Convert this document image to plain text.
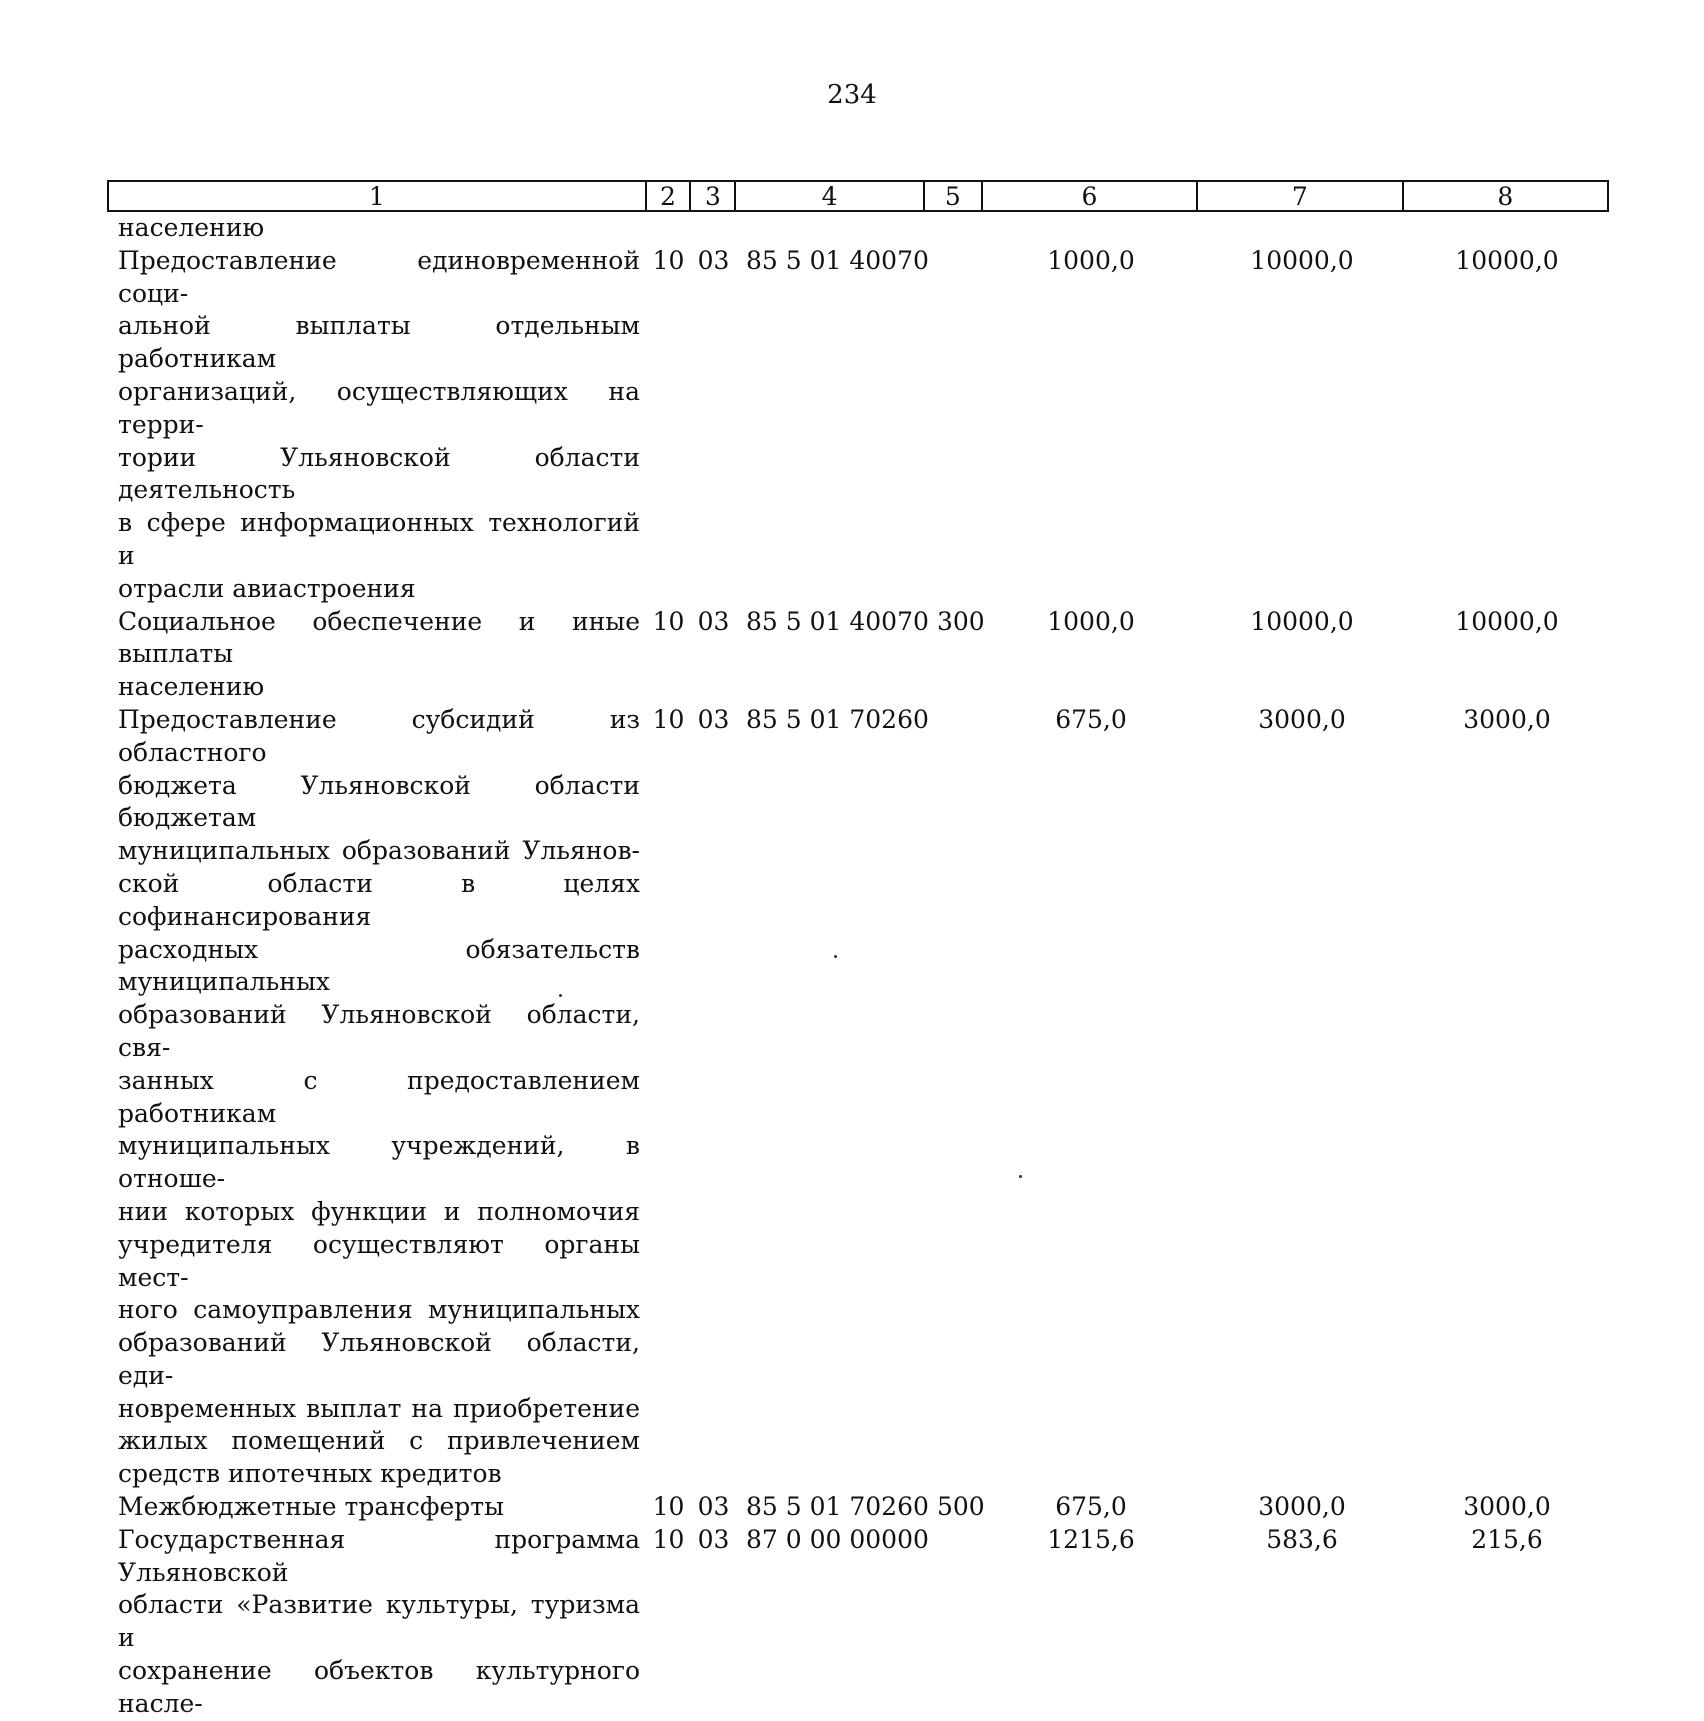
234
1	2	3	4	5	6	7	8
населению
Предоставление единовременной соци-
альной выплаты отдельным работникам
организаций, осуществляющих на терри-
тории Ульяновской области деятельность
в сфере информационных технологий и
отрасли авиастроения
10 03 85 5 01 40070	1000,0	10000,0	10000,0
Социальное обеспечение и иные выплаты
населению
10 03 85 5 01 40070 300	1000,0	10000,0	10000,0
Предоставление субсидий из областного
бюджета Ульяновской области бюджетам
муниципальных образований Ульянов-
ской области в целях софинансирования
расходных обязательств муниципальных
образований Ульяновской области, свя-
занных с предоставлением работникам
муниципальных учреждений, в отноше-
нии которых функции и полномочия
учредителя осуществляют органы мест-
ного самоуправления муниципальных
образований Ульяновской области, еди-
новременных выплат на приобретение
жилых помещений с привлечением
средств ипотечных кредитов
10 03 85 5 01 70260	675,0	3000,0	3000,0
Межбюджетные трансферты	10 03 85 5 01 70260 500	675,0	3000,0	3000,0
Государственная программа Ульяновской
области «Развитие культуры, туризма и
сохранение объектов культурного насле-
10 03 87 0 00 00000	1215,6	583,6	215,6
